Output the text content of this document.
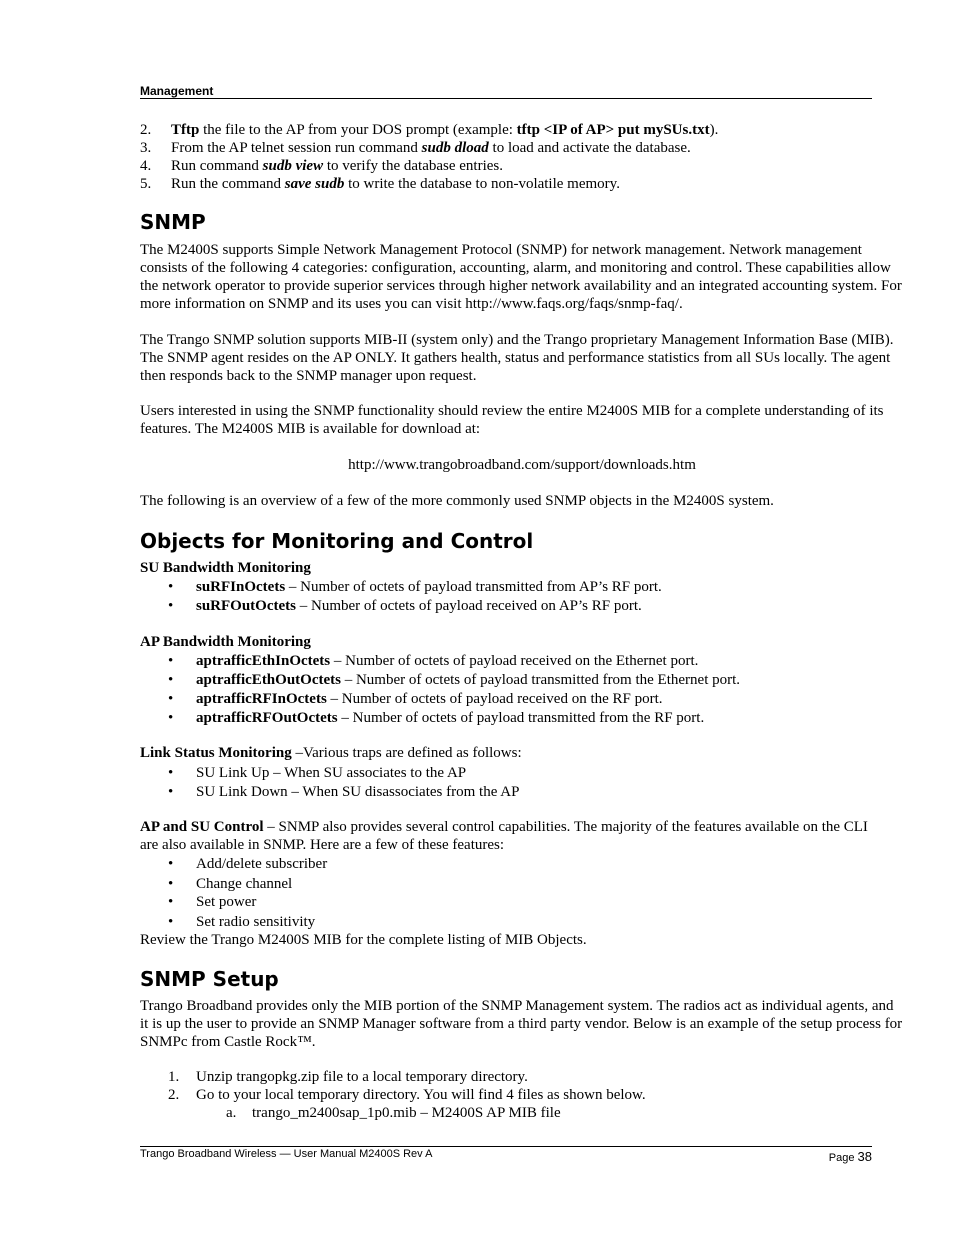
Management
2. Tftp the file to the AP from your DOS prompt (example: tftp <IP of AP> put mySUs.txt).
3. From the AP telnet session run command sudb dload to load and activate the database.
4. Run command sudb view to verify the database entries.
5. Run the command save sudb to write the database to non-volatile memory.
SNMP
The M2400S supports Simple Network Management Protocol (SNMP) for network management. Network management consists of the following 4 categories: configuration, accounting, alarm, and monitoring and control. These capabilities allow the network operator to provide superior services through higher network availability and an integrated accounting system. For more information on SNMP and its uses you can visit http://www.faqs.org/faqs/snmp-faq/.
The Trango SNMP solution supports MIB-II (system only) and the Trango proprietary Management Information Base (MIB). The SNMP agent resides on the AP ONLY. It gathers health, status and performance statistics from all SUs locally. The agent then responds back to the SNMP manager upon request.
Users interested in using the SNMP functionality should review the entire M2400S MIB for a complete understanding of its features. The M2400S MIB is available for download at:
http://www.trangobroadband.com/support/downloads.htm
The following is an overview of a few of the more commonly used SNMP objects in the M2400S system.
Objects for Monitoring and Control
SU Bandwidth Monitoring
• suRFInOctets – Number of octets of payload transmitted from AP’s RF port.
• suRFOutOctets – Number of octets of payload received on AP’s RF port.
AP Bandwidth Monitoring
• aptrafficEthInOctets – Number of octets of payload received on the Ethernet port.
• aptrafficEthOutOctets – Number of octets of payload transmitted from the Ethernet port.
• aptrafficRFInOctets – Number of octets of payload received on the RF port.
• aptrafficRFOutOctets – Number of octets of payload transmitted from the RF port.
Link Status Monitoring –Various traps are defined as follows:
• SU Link Up – When SU associates to the AP
• SU Link Down – When SU disassociates from the AP
AP and SU Control – SNMP also provides several control capabilities. The majority of the features available on the CLI
are also available in SNMP. Here are a few of these features:
• Add/delete subscriber
• Change channel
• Set power
• Set radio sensitivity
Review the Trango M2400S MIB for the complete listing of MIB Objects.
SNMP Setup
Trango Broadband provides only the MIB portion of the SNMP Management system. The radios act as individual agents, and it is up the user to provide an SNMP Manager software from a third party vendor. Below is an example of the setup process for SNMPc from Castle Rock™.
1. Unzip trangopkg.zip file to a local temporary directory.
2. Go to your local temporary directory. You will find 4 files as shown below.
a. trango_m2400sap_1p0.mib – M2400S AP MIB file
Trango Broadband Wireless — User Manual M2400S Rev A	Page 38
